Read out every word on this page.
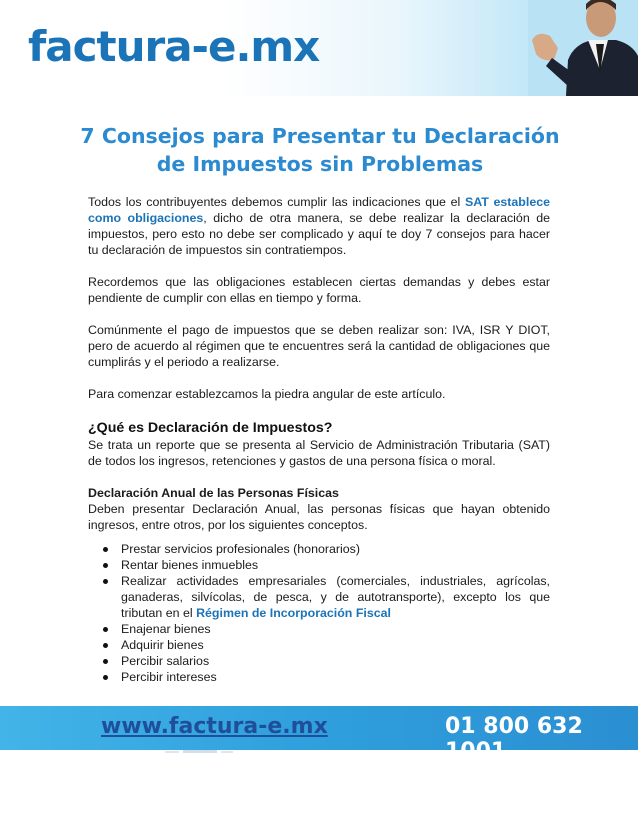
factura-e.mx
7 Consejos para Presentar tu Declaración
de Impuestos sin Problemas

Todos los contribuyentes debemos cumplir las indicaciones que el SAT establece como obligaciones, dicho de otra manera, se debe realizar la declaración de impuestos, pero esto no debe ser complicado y aquí te doy 7 consejos para hacer tu declaración de impuestos sin contratiempos.

Recordemos que las obligaciones establecen ciertas demandas y debes estar pendiente de cumplir con ellas en tiempo y forma.

Comúnmente el pago de impuestos que se deben realizar son: IVA, ISR Y DIOT, pero de acuerdo al régimen que te encuentres será la cantidad de obligaciones que cumplirás y el periodo a realizarse.

Para comenzar establezcamos la piedra angular de este artículo.

¿Qué es Declaración de Impuestos?

Se trata un reporte que se presenta al Servicio de Administración Tributaria (SAT) de todos los ingresos, retenciones y gastos de una persona física o moral.

Declaración Anual de las Personas Físicas

Deben presentar Declaración Anual, las personas físicas que hayan obtenido ingresos, entre otros, por los siguientes conceptos.

Prestar servicios profesionales (honorarios)
Rentar bienes inmuebles
Realizar actividades empresariales (comerciales, industriales, agrícolas, ganaderas, silvícolas, de pesca, y de autotransporte), excepto los que tributan en el Régimen de Incorporación Fiscal
Enajenar bienes
Adquirir bienes
Percibir salarios
Percibir intereses
www.factura-e.mx	01 800 632 1001
